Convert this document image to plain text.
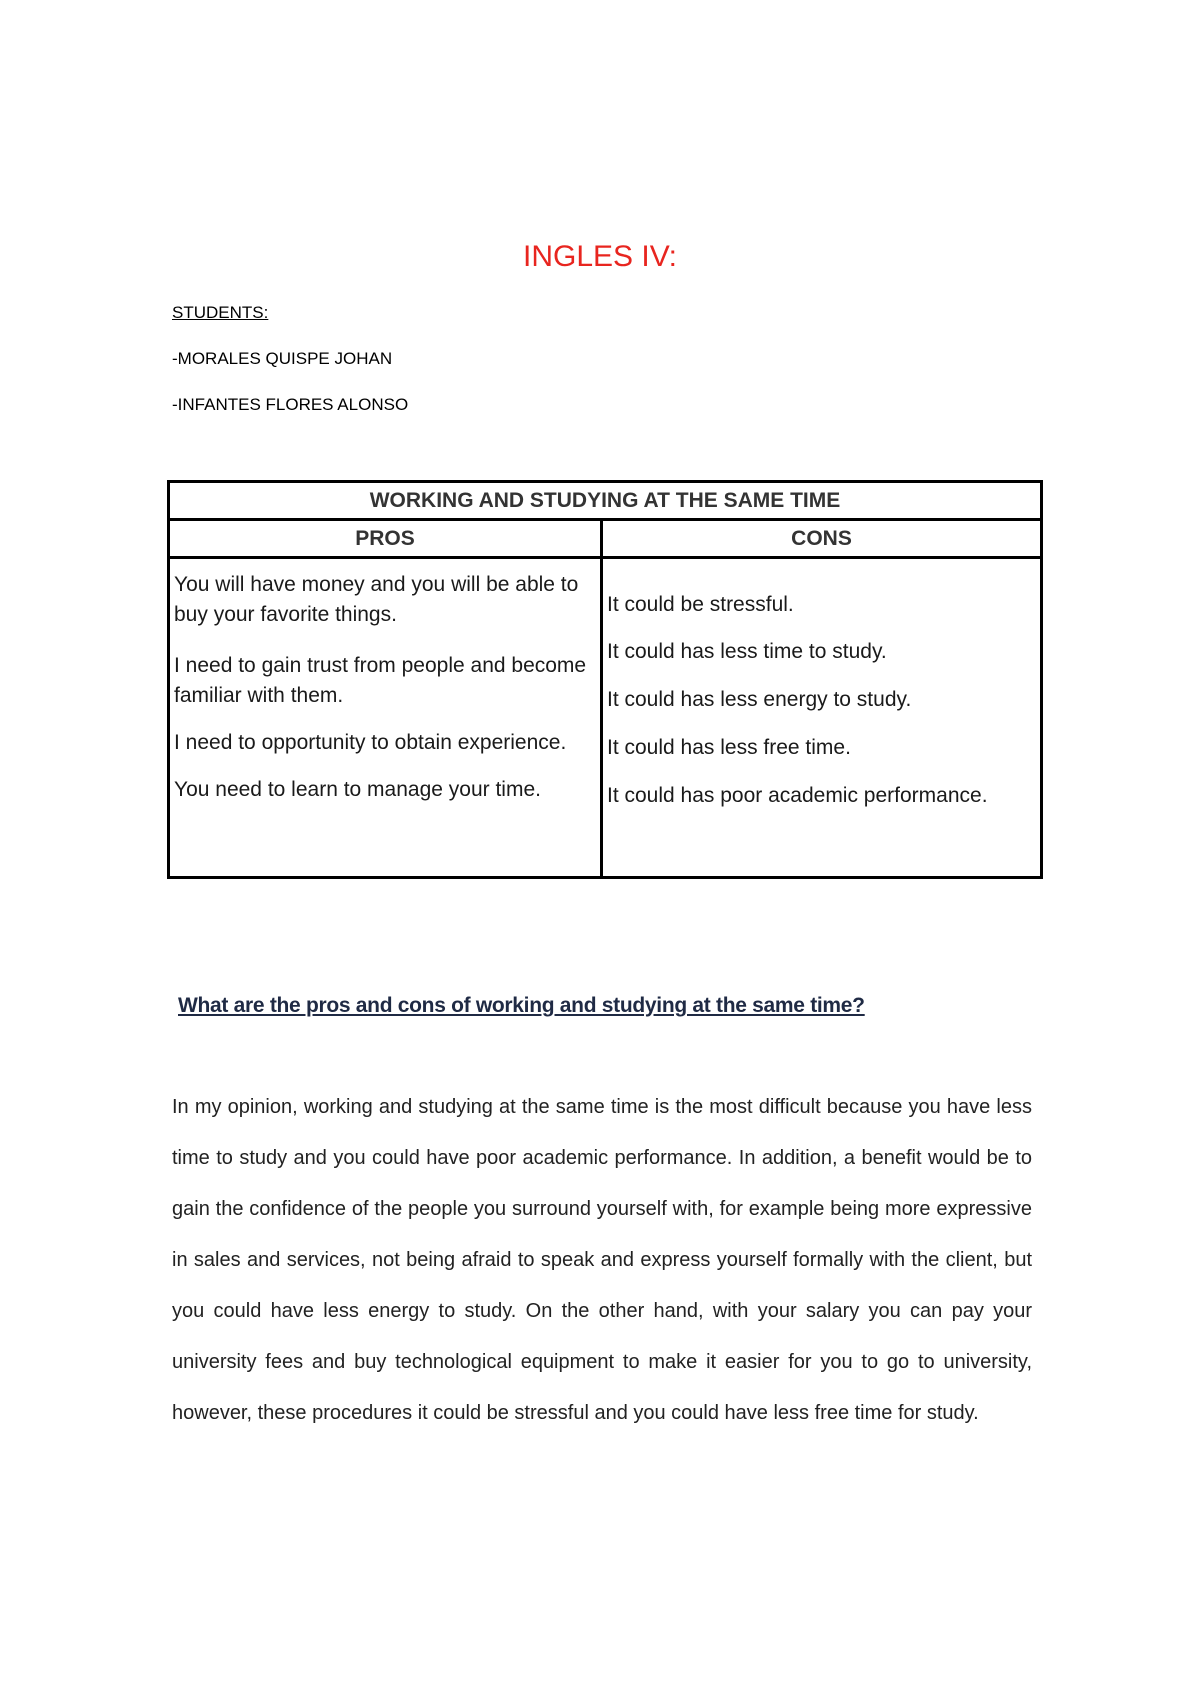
INGLES IV:
STUDENTS:
-MORALES QUISPE JOHAN
-INFANTES FLORES ALONSO
WORKING AND STUDYING AT THE SAME TIME
PROS	CONS
You will have money and you will be able to buy your favorite things.
I need to gain trust from people and become familiar with them.
I need to opportunity to obtain experience.
You need to learn to manage your time.
It could be stressful.
It could has less time to study.
It could has less energy to study.
It could has less free time.
It could has poor academic performance.
What are the pros and cons of working and studying at the same time?
In my opinion, working and studying at the same time is the most difficult because you have less time to study and you could have poor academic performance. In addition, a benefit would be to gain the confidence of the people you surround yourself with, for example being more expressive in sales and services, not being afraid to speak and express yourself formally with the client, but you could have less energy to study. On the other hand, with your salary you can pay your university fees and buy technological equipment to make it easier for you to go to university, however, these procedures it could be stressful and you could have less free time for study.
